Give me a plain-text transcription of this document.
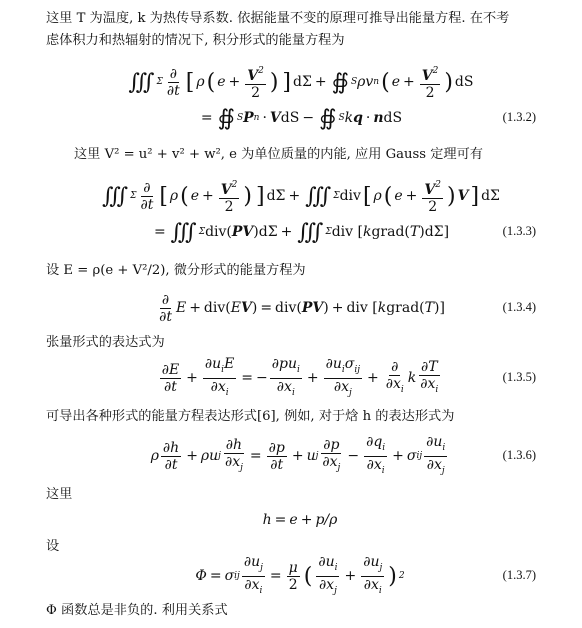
这里 T 为温度, k 为热传导系数. 依据能量不变的原理可推导出能量方程. 在不考
虑体积力和热辐射的情况下, 积分形式的能量方程为
∭ Σ $\frac{\partial}{\partial t}$ [ ρ ( $e + \frac{V^2}{2}$ ) ] dΣ + ∯ S ρv n ( $e + \frac{V^2}{2}$ ) dS
= ∯ S P n · V dS − ∯ S k q · n dS	(1.3.2)
这里 V² = u² + v² + w², e 为单位质量的内能, 应用 Gauss 定理可有
∭ Σ $\frac{\partial}{\partial t}$ [ ρ ( $e + \frac{V^2}{2}$ ) ] dΣ + ∭ Σ div [ ρ ( $e + \frac{V^2}{2}$ ) V ] dΣ
= ∭ Σ div( PV )dΣ + ∭ Σ div [ k grad( T )dΣ]	(1.3.3)
设 E = ρ(e + V²/2), 微分形式的能量方程为
$\frac{\partial}{\partial t}$ E + div( E V ) = div( PV ) + div [ k grad( T )]	(1.3.4)
张量形式的表达式为
$\frac{\partial E}{\partial t} + \frac{\partial u_iE}{\partial x_i}$ = − $\frac{\partial pu_i}{\partial x_i} + \frac{\partial u_i\sigma_{ij}}{\partial x_j} + \frac{\partial}{\partial x_i}$ k $\frac{\partial T}{\partial x_i}$	(1.3.5)
可导出各种形式的能量方程表达形式[6], 例如, 对于焓 h 的表达形式为
ρ $\frac{\partial h}{\partial t} + \rho u$ j $\frac{\partial h}{\partial x_j} = \frac{\partial p}{\partial t} + u$ j $\frac{\partial p}{\partial x_j} - \frac{\partial q_i}{\partial x_i} + \sigma$ ij $\frac{\partial u_i}{\partial x_j}$	(1.3.6)
这里
h = e + p/ρ
设
Φ = σ ij $\frac{\partial u_j}{\partial x_i} = \frac{\mu}{2}$ ( $\frac{\partial u_i}{\partial x_j} + \frac{\partial u_j}{\partial x_i}$ ) 2	(1.3.7)
Φ 函数总是非负的. 利用关系式
